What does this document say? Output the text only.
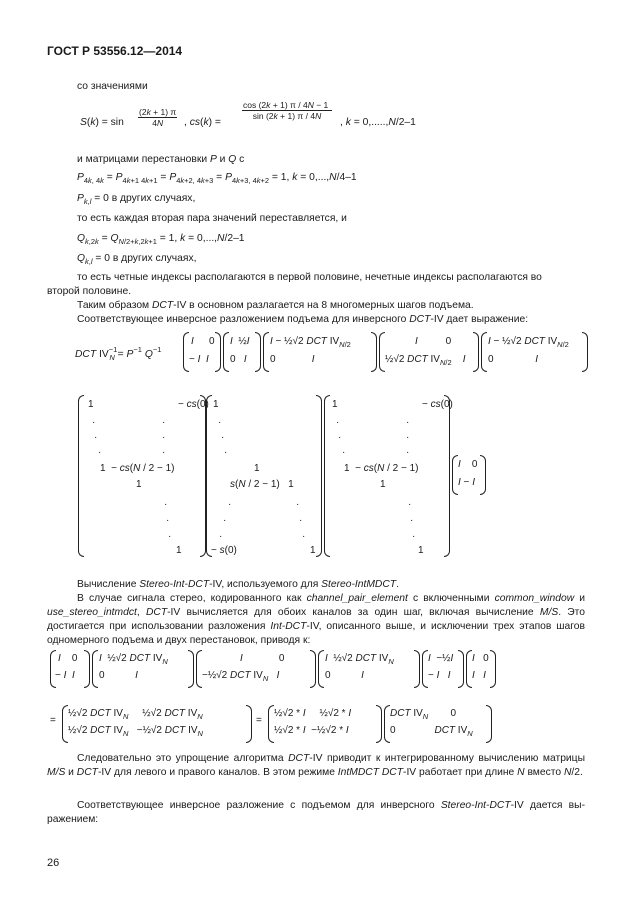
ГОСТ Р 53556.12—2014
со значениями
$S(k) = \sin \frac{(2k + 1) \pi}{4N}$ , cs(k) =
$\frac{\cos (2k + 1) \pi / 4N - 1}{\sin (2k + 1) \pi / 4N}$
, k = 0,.....,N/2–1
и матрицами перестановки P и Q с
$P_{4k, 4k} = P_{4k+1 4k+1} = P_{4k+2, 4k+3} = P_{4k+3, 4k+2} = 1$, k = 0,...,N/4–1
$P_{k,l} = 0$ в других случаях,
то есть каждая вторая пара значений переставляется, и
$Q_{k,2k} = Q_{N/2+k,2k+1} = 1$, k = 0,...,N/2–1
$Q_{k,l} = 0$ в других случаях,
то есть четные индексы располагаются в первой половине, нечетные индексы располагаются во
второй половине.
Таким образом DCT-IV в основном разлагается на 8 многомерных шагов подъема.
Соответствующее инверсное разложением подъема для инверсного DCT-IV дает выражение:
DCT $IV^{-1}_N = P^{-1}$ $Q^{-1}$
I 0
− I I
I  ½I
0   I
I − ½√2 DCT $IV_{N/2}$
0             I
I          0
½√2 DCT $IV_{N/2}$ I
I − ½√2 DCT $IV_{N/2}$
0               I
1	− cs(0)
·	·
·	·
·	·
1  − cs(N / 2 − 1)
1
·
·
·
1
1
·
·
·
1
s(N / 2 − 1)   1
·	·
·	·
·	·
− s(0)	1
1	− cs(0)
·	·
·	·
·	·
1  − cs(N / 2 − 1)
1
·
·
·
1
I    0
I − I
Вычисление Stereo-Int-DCT-IV, используемого для Stereo-IntMDCT.
В случае сигнала стерео, кодированного как channel_pair_element с включенными common_window и use_stereo_intmdct, DCT-IV вычисляется для обоих каналов за один шаг, включая вычисление M/S. Это достигается при использовании разложения Int-DCT-IV, описанного выше, и исключении трех этапов шагов одномерного подъема и двух перестановок, приводя к:
I    0
− I I
I  ½√2 DCT $IV_N$
0           I
I             0
−½√2 DCT $IV_N$ I
I  ½√2 DCT $IV_N$
0           I
I  −½I
− I I
I   0
I I
=
½√2 DCT $IV_N$     ½√2 DCT $IV_N$
½√2 DCT $IV_N$   −½√2 DCT $IV_N$
=
½√2 * I     ½√2 * I
½√2 * I  −½√2 * I
DCT $IV_N$        0
0              DCT $IV_N$
Следовательно это упрощение алгоритма DCT-IV приводит к интегрированному вычислению матрицы M/S и DCT-IV для левого и правого каналов. В этом режиме IntMDCT DCT-IV работает при длине N вместо N/2.
Соответствующее инверсное разложение с подъемом для инверсного Stereo-Int-DCT-IV дается выражением:
26
